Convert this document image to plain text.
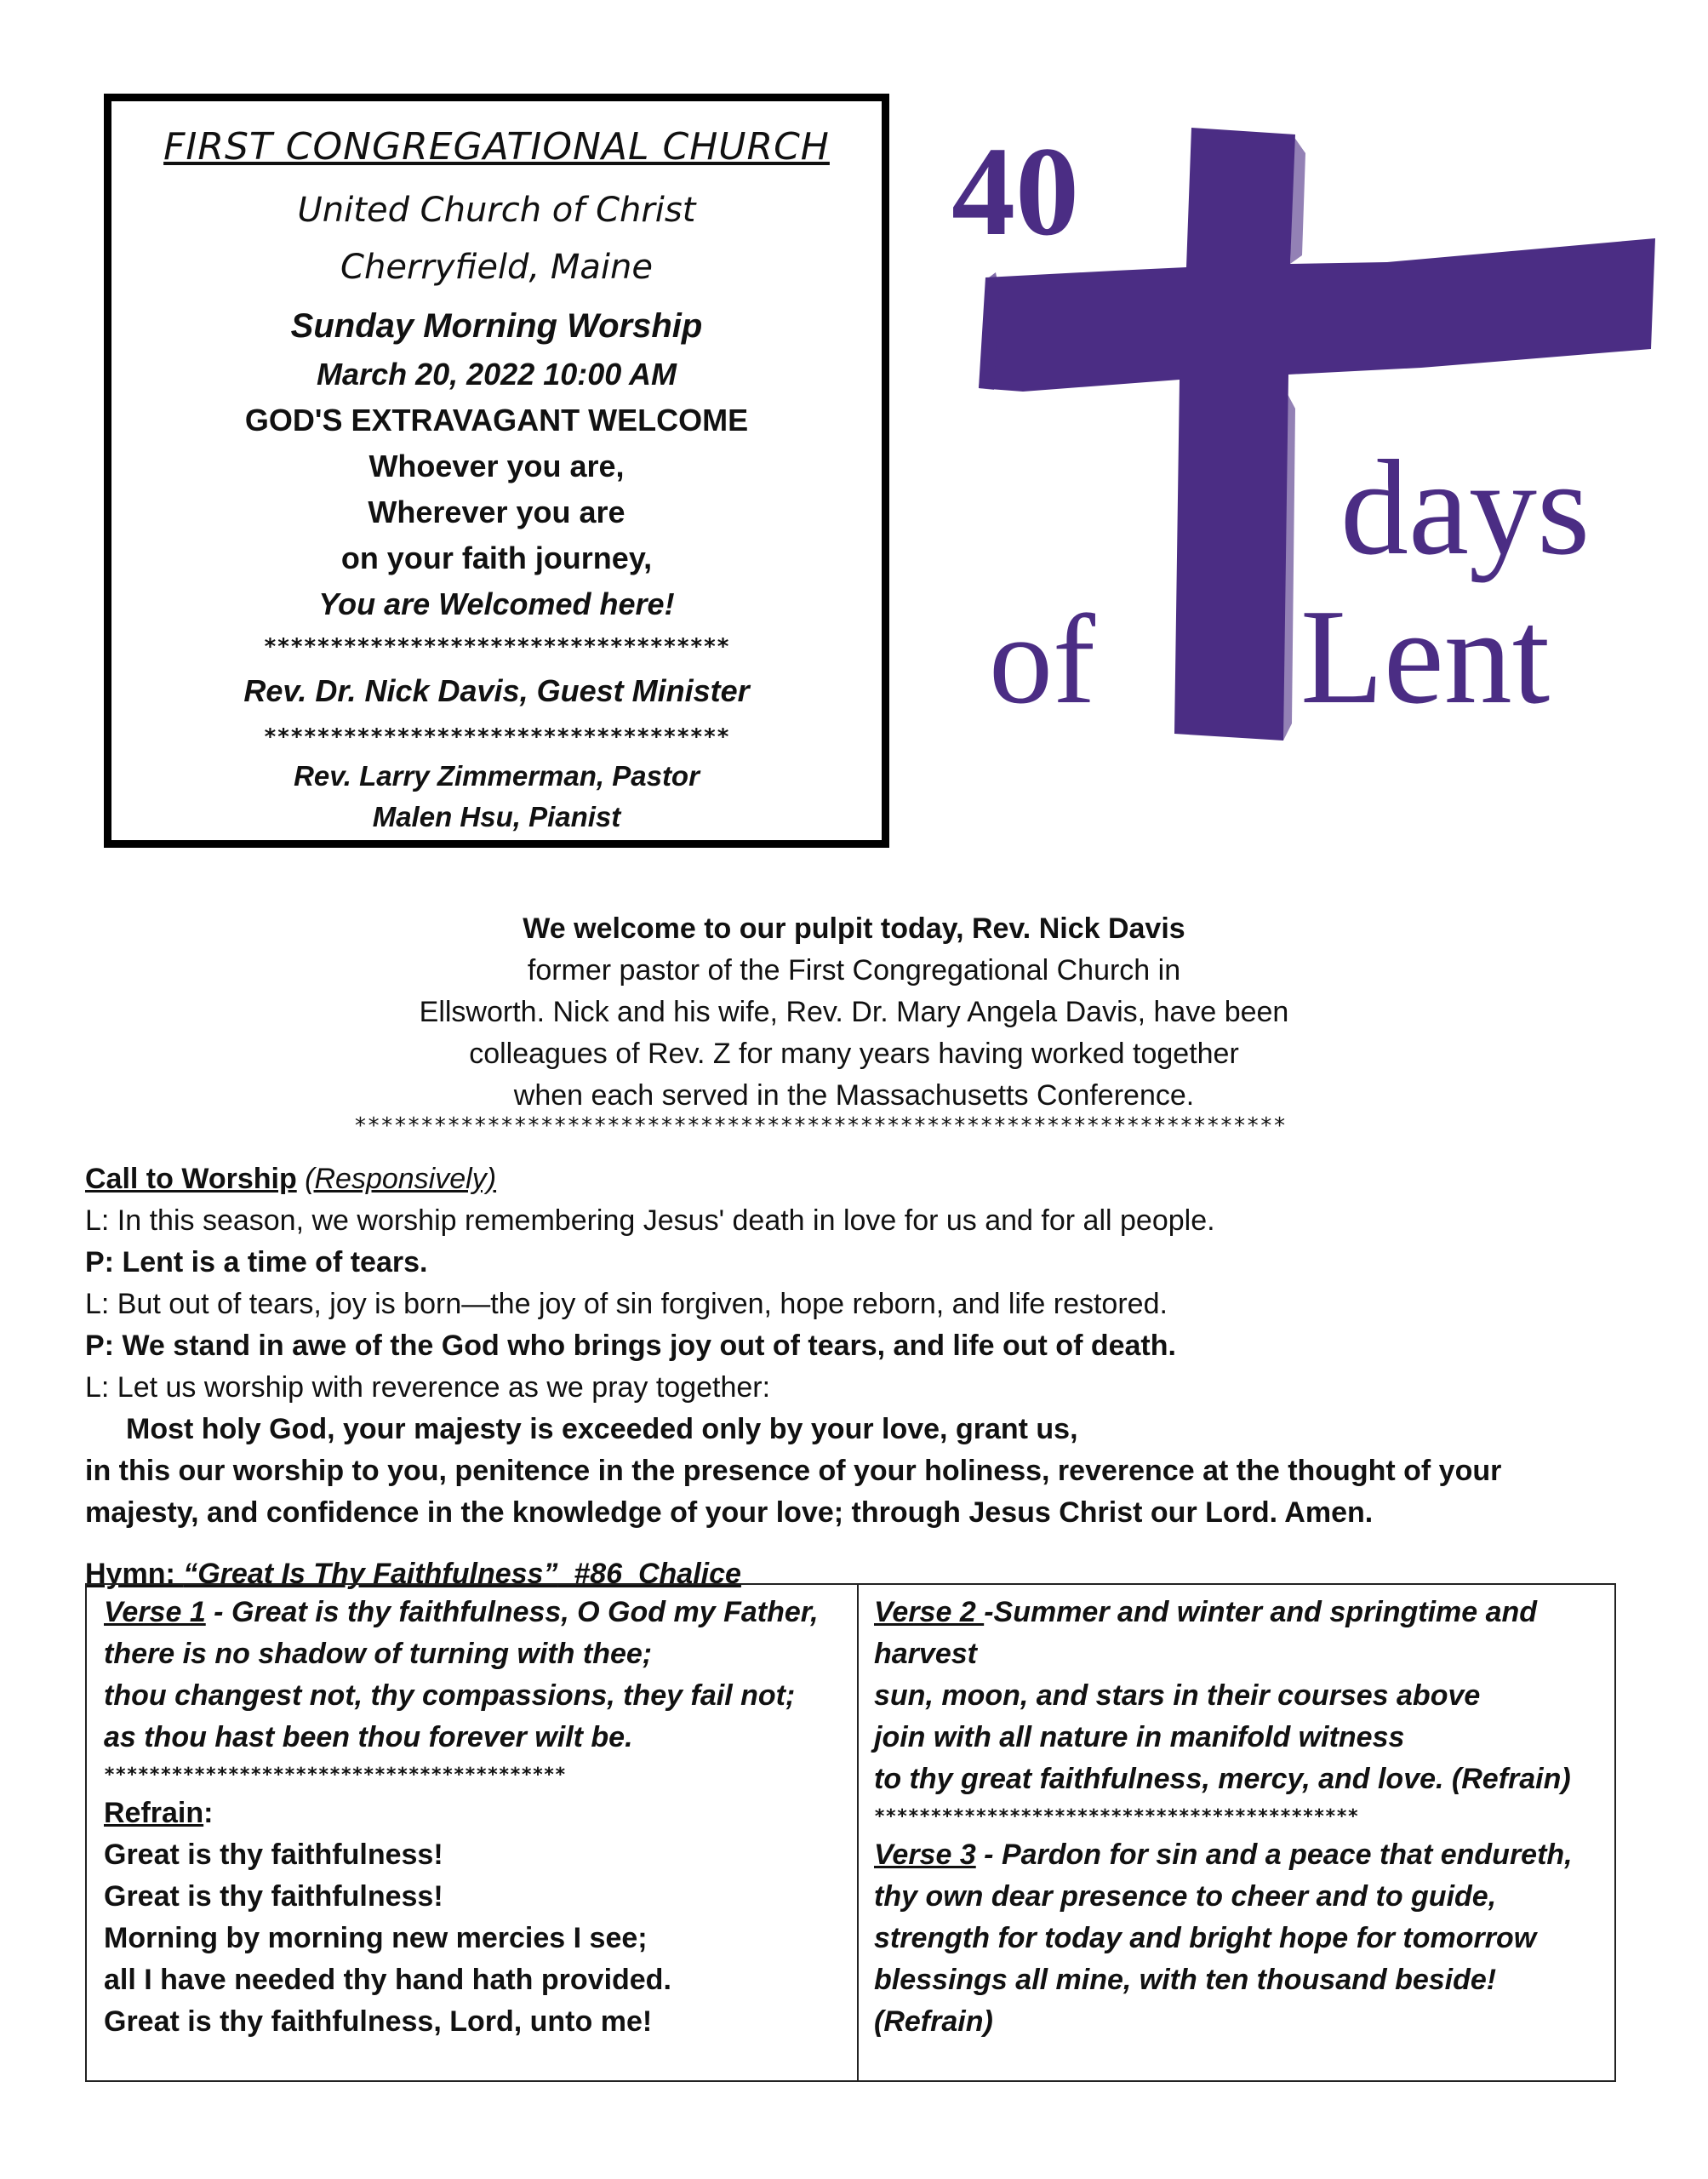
FIRST CONGREGATIONAL CHURCH
United Church of Christ
Cherryfield, Maine
Sunday Morning Worship
March 20, 2022 10:00 AM
GOD'S EXTRAVAGANT WELCOME
Whoever you are,
Wherever you are
on your faith journey,
You are Welcomed here!
***********************************
Rev. Dr. Nick Davis, Guest Minister
***********************************
Rev. Larry Zimmerman, Pastor
Malen Hsu, Pianist
40
days
of Lent
We welcome to our pulpit today, Rev. Nick Davis
former pastor of the First Congregational Church in
Ellsworth. Nick and his wife, Rev. Dr. Mary Angela Davis, have been
colleagues of Rev. Z for many years having worked together
when each served in the Massachusetts Conference.
**********************************************************************
Call to Worship (Responsively)
L: In this season, we worship remembering Jesus' death in love for us and for all people.
P: Lent is a time of tears.
L: But out of tears, joy is born—the joy of sin forgiven, hope reborn, and life restored.
P: We stand in awe of the God who brings joy out of tears, and life out of death.
L: Let us worship with reverence as we pray together:
Most holy God, your majesty is exceeded only by your love, grant us,
in this our worship to you, penitence in the presence of your holiness, reverence at the thought of your
majesty, and confidence in the knowledge of your love; through Jesus Christ our Lord. Amen.
Hymn: “Great Is Thy Faithfulness”  #86  Chalice
Verse 1 - Great is thy faithfulness, O God my Father,
there is no shadow of turning with thee;
thou changest not, thy compassions, they fail not;
as thou hast been thou forever wilt be.
*****************************************
Refrain:
Great is thy faithfulness!
Great is thy faithfulness!
Morning by morning new mercies I see;
all I have needed thy hand hath provided.
Great is thy faithfulness, Lord, unto me!
Verse 2 -Summer and winter and springtime and
harvest
sun, moon, and stars in their courses above
join with all nature in manifold witness
to thy great faithfulness, mercy, and love. (Refrain)
*******************************************
Verse 3 - Pardon for sin and a peace that endureth,
thy own dear presence to cheer and to guide,
strength for today and bright hope for tomorrow
blessings all mine, with ten thousand beside!
(Refrain)
